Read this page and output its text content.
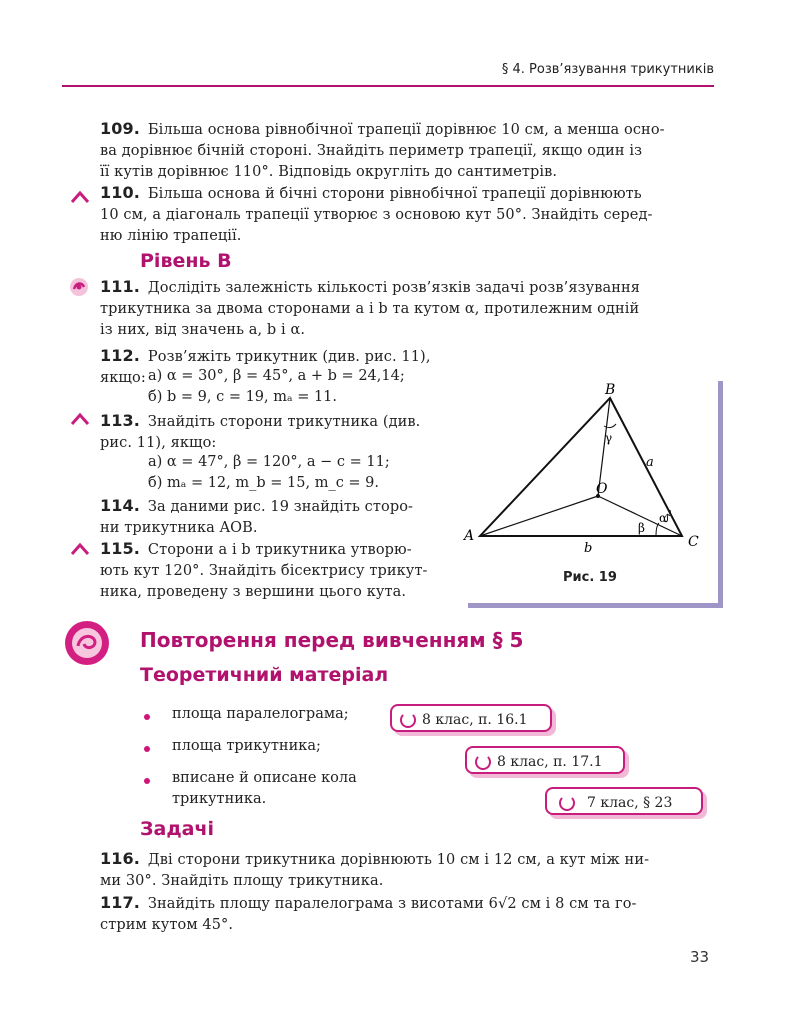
§ 4. Розв’язування трикутників
109. Більша основа рівнобічної трапеції дорівнює 10 см, а менша осно-
ва дорівнює бічній стороні. Знайдіть периметр трапеції, якщо один із
її кутів дорівнює 110°. Відповідь округліть до сантиметрів.
110. Більша основа й бічні сторони рівнобічної трапеції дорівнюють
10 см, а діагональ трапеції утворює з основою кут 50°. Знайдіть серед-
ню лінію трапеції.
Рівень В
111. Дослідіть залежність кількості розв’язків задачі розв’язування
трикутника за двома сторонами a і b та кутом α, протилежним одній
із них, від значень a, b і α.
112. Розв’яжіть трикутник (див. рис. 11), якщо: а) α = 30°, β = 45°, a + b = 24,14;
б) b = 9, c = 19, mₐ = 11.
113. Знайдіть сторони трикутника (див.
рис. 11), якщо:
а) α = 47°, β = 120°, a − c = 11;
б) mₐ = 12, m_b = 15, m_c = 9.
114. За даними рис. 19 знайдіть сторо-
ни трикутника AOB.
115. Сторони a і b трикутника утворю-
ють кут 120°. Знайдіть бісектрису трикут-
ника, проведену з вершини цього кута.
A
B
C
O
a
b
α
β
γ
Рис. 19
Повторення перед вивченням § 5
Теоретичний матеріал
площа паралелограма;
площа трикутника;
вписане й описане кола
трикутника.
8 клас, п. 16.1
8 клас, п. 17.1
7 клас, § 23
Задачі
116. Дві сторони трикутника дорівнюють 10 см і 12 см, а кут між ни-
ми 30°. Знайдіть площу трикутника.
117. Знайдіть площу паралелограма з висотами 6√2 см і 8 см та го-
стрим кутом 45°.
33
